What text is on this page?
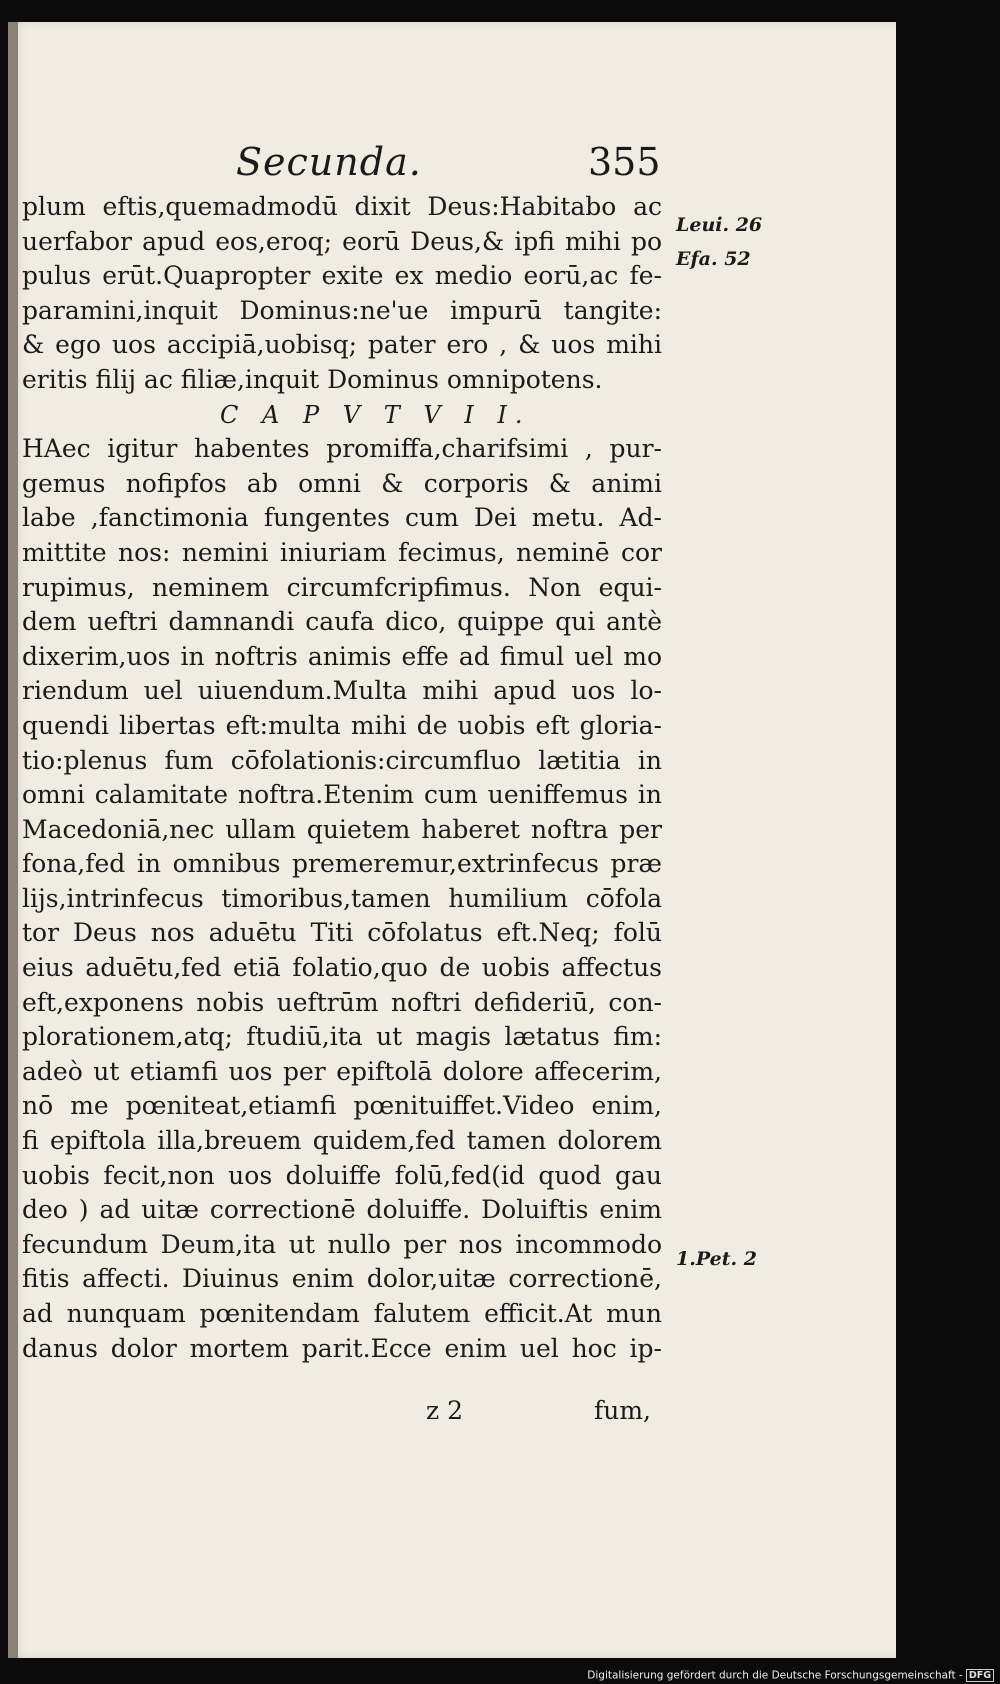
Secunda.	355
plum eftis,quemadmodū dixit Deus:Habitabo ac
uerfabor apud eos,eroq; eorū Deus,& ipfi mihi po
pulus erūt.Quapropter exite ex medio eorū,ac fe-
paramini,inquit Dominus:ne'ue impurū tangite:
& ego uos accipiā,uobisq; pater ero , & uos mihi
eritis filij ac filiæ,inquit Dominus omnipotens.
C A P V T V I I.
HAec igitur habentes promiffa,charifsimi , pur-
gemus nofipfos ab omni & corporis & animi
labe ,fanctimonia fungentes cum Dei metu. Ad-
mittite nos: nemini iniuriam fecimus, neminē cor
rupimus, neminem circumfcripfimus. Non equi-
dem ueftri damnandi caufa dico, quippe qui antè
dixerim,uos in noftris animis effe ad fimul uel mo
riendum uel uiuendum.Multa mihi apud uos lo-
quendi libertas eft:multa mihi de uobis eft gloria-
tio:plenus fum cōfolationis:circumfluo lætitia in
omni calamitate noftra.Etenim cum ueniffemus in
Macedoniā,nec ullam quietem haberet noftra per
fona,fed in omnibus premeremur,extrinfecus præ
lijs,intrinfecus timoribus,tamen humilium cōfola
tor Deus nos aduētu Titi cōfolatus eft.Neq; folū
eius aduētu,fed etiā folatio,quo de uobis affectus
eft,exponens nobis ueftrūm noftri defideriū, con-
plorationem,atq; ftudiū,ita ut magis lætatus fim:
adeò ut etiamfi uos per epiftolā dolore affecerim,
nō me pœniteat,etiamfi pœnituiffet.Video enim,
fi epiftola illa,breuem quidem,fed tamen dolorem
uobis fecit,non uos doluiffe folū,fed(id quod gau
deo ) ad uitæ correctionē doluiffe. Doluiftis enim
fecundum Deum,ita ut nullo per nos incommodo
fitis affecti. Diuinus enim dolor,uitæ correctionē,
ad nunquam pœnitendam falutem efficit.At mun
danus dolor mortem parit.Ecce enim uel hoc ip-
Leui. 26
Efa. 52
1.Pet. 2
z 2	fum,
Digitalisierung gefördert durch die Deutsche Forschungsgemeinschaft - DFG
